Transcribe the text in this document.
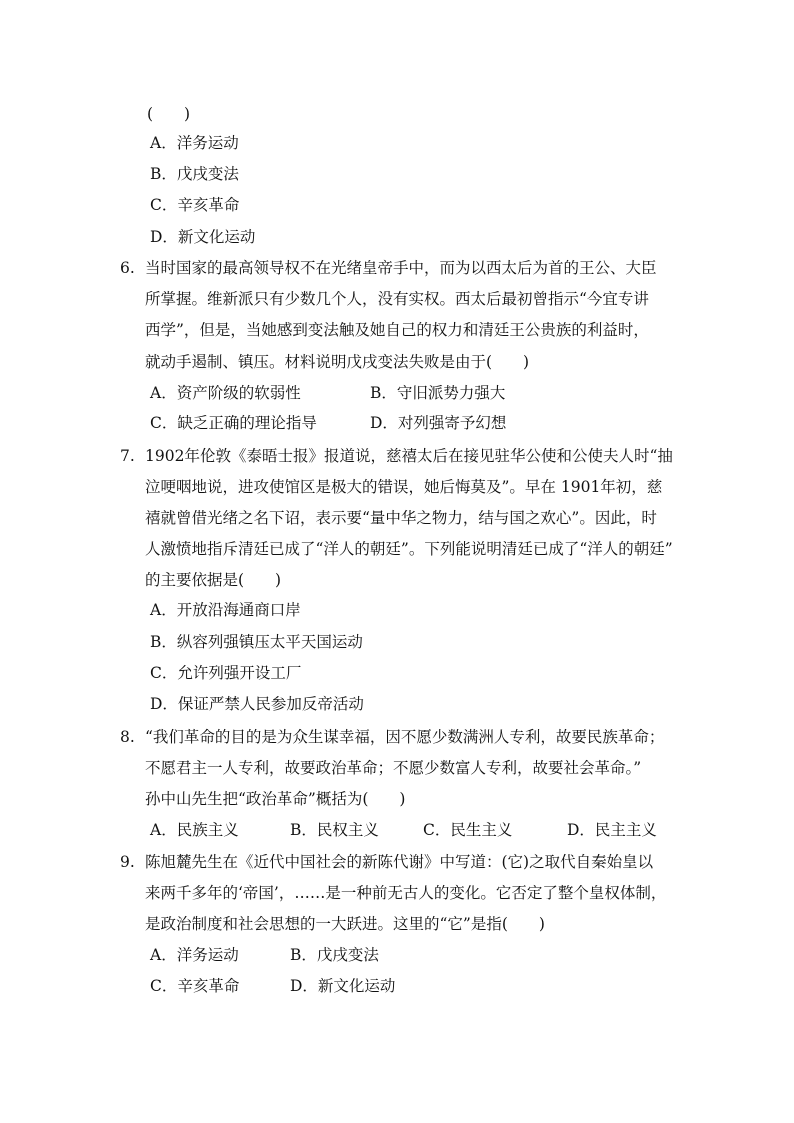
(　　)
A．洋务运动
B．戊戌变法
C．辛亥革命
D．新文化运动
6. 当时国家的最高领导权不在光绪皇帝手中，而为以西太后为首的王公、大臣
所掌握。维新派只有少数几个人，没有实权。西太后最初曾指示“今宜专讲
西学”，但是，当她感到变法触及她自己的权力和清廷王公贵族的利益时，
就动手遏制、镇压。材料说明戊戌变法失败是由于(　　)
A．资产阶级的软弱性	B．守旧派势力强大
C．缺乏正确的理论指导	D．对列强寄予幻想
7. 1902年伦敦《泰晤士报》报道说，慈禧太后在接见驻华公使和公使夫人时“抽
泣哽咽地说，进攻使馆区是极大的错误，她后悔莫及”。早在 1901年初，慈
禧就曾借光绪之名下诏，表示要“量中华之物力，结与国之欢心”。因此，时
人激愤地指斥清廷已成了“洋人的朝廷”。下列能说明清廷已成了“洋人的朝廷”
的主要依据是(　　)
A．开放沿海通商口岸
B．纵容列强镇压太平天国运动
C．允许列强开设工厂
D．保证严禁人民参加反帝活动
8. “我们革命的目的是为众生谋幸福，因不愿少数满洲人专利，故要民族革命；
不愿君主一人专利，故要政治革命；不愿少数富人专利，故要社会革命。”
孙中山先生把“政治革命”概括为(　　)
A．民族主义	B．民权主义	C．民生主义	D．民主主义
9. 陈旭麓先生在《近代中国社会的新陈代谢》中写道：(它)之取代自秦始皇以
来两千多年的‘帝国’，……是一种前无古人的变化。它否定了整个皇权体制，
是政治制度和社会思想的一大跃进。这里的“它”是指(　　)
A．洋务运动	B．戊戌变法
C．辛亥革命	D．新文化运动
